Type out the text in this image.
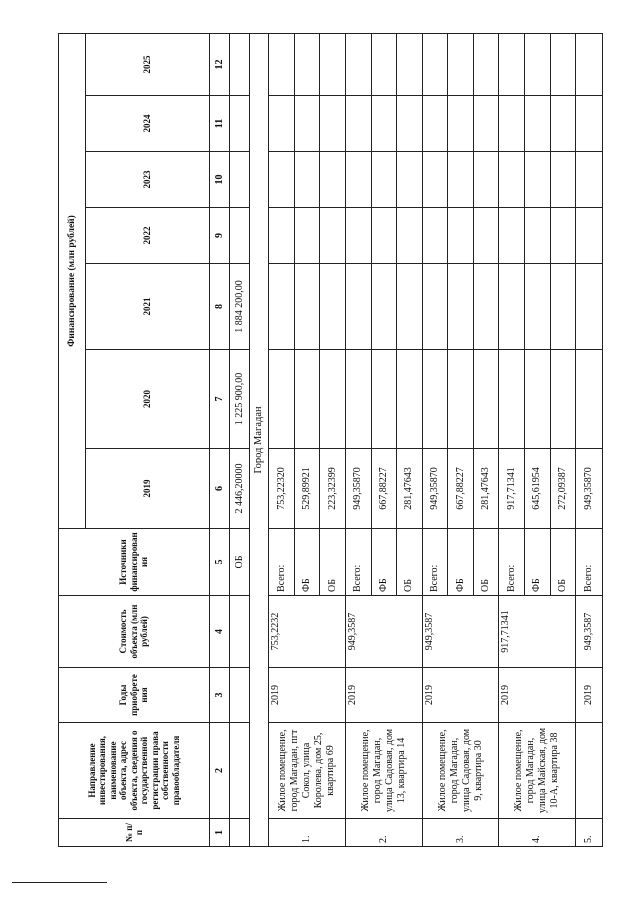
№ п/п	Направление инвестирования, наименование объекта, адрес объекта, сведения о государственной регистрации права собственности правообладателя	Годы приобрете ния	Стоимость объекта (млн рублей)	Источники финансирован ия	Финансирование (млн рублей)						
					2019	2020	2021	2022	2023	2024	2025
1	2	3	4	5	6	7	8	9	10	11	12
				ОБ	2 446,20000	1 225 900,00	1 884 200,00				
Город Магадан											
1.	Жилое помещение, город Магадан, пгт Сокол, улица Королева, дом 25, квартира 69	2019	753,2232	Всего:	753,22320						
				ФБ	529,89921						
				ОБ	223,32399						
2.	Жилое помещение, город Магадан, улица Садовая, дом 13, квартира 14	2019	949,3587	Всего:	949,35870						
				ФБ	667,88227						
				ОБ	281,47643						
3.	Жилое помещение, город Магадан, улица Садовая, дом 9, квартира 30	2019	949,3587	Всего:	949,35870						
				ФБ	667,88227						
				ОБ	281,47643						
4.	Жилое помещение, город Магадан, улица Майская, дом 10-А, квартира 38	2019	917,71341	Всего:	917,71341						
				ФБ	645,61954						
				ОБ	272,09387						
5.		2019	949,3587	Всего:	949,35870						
